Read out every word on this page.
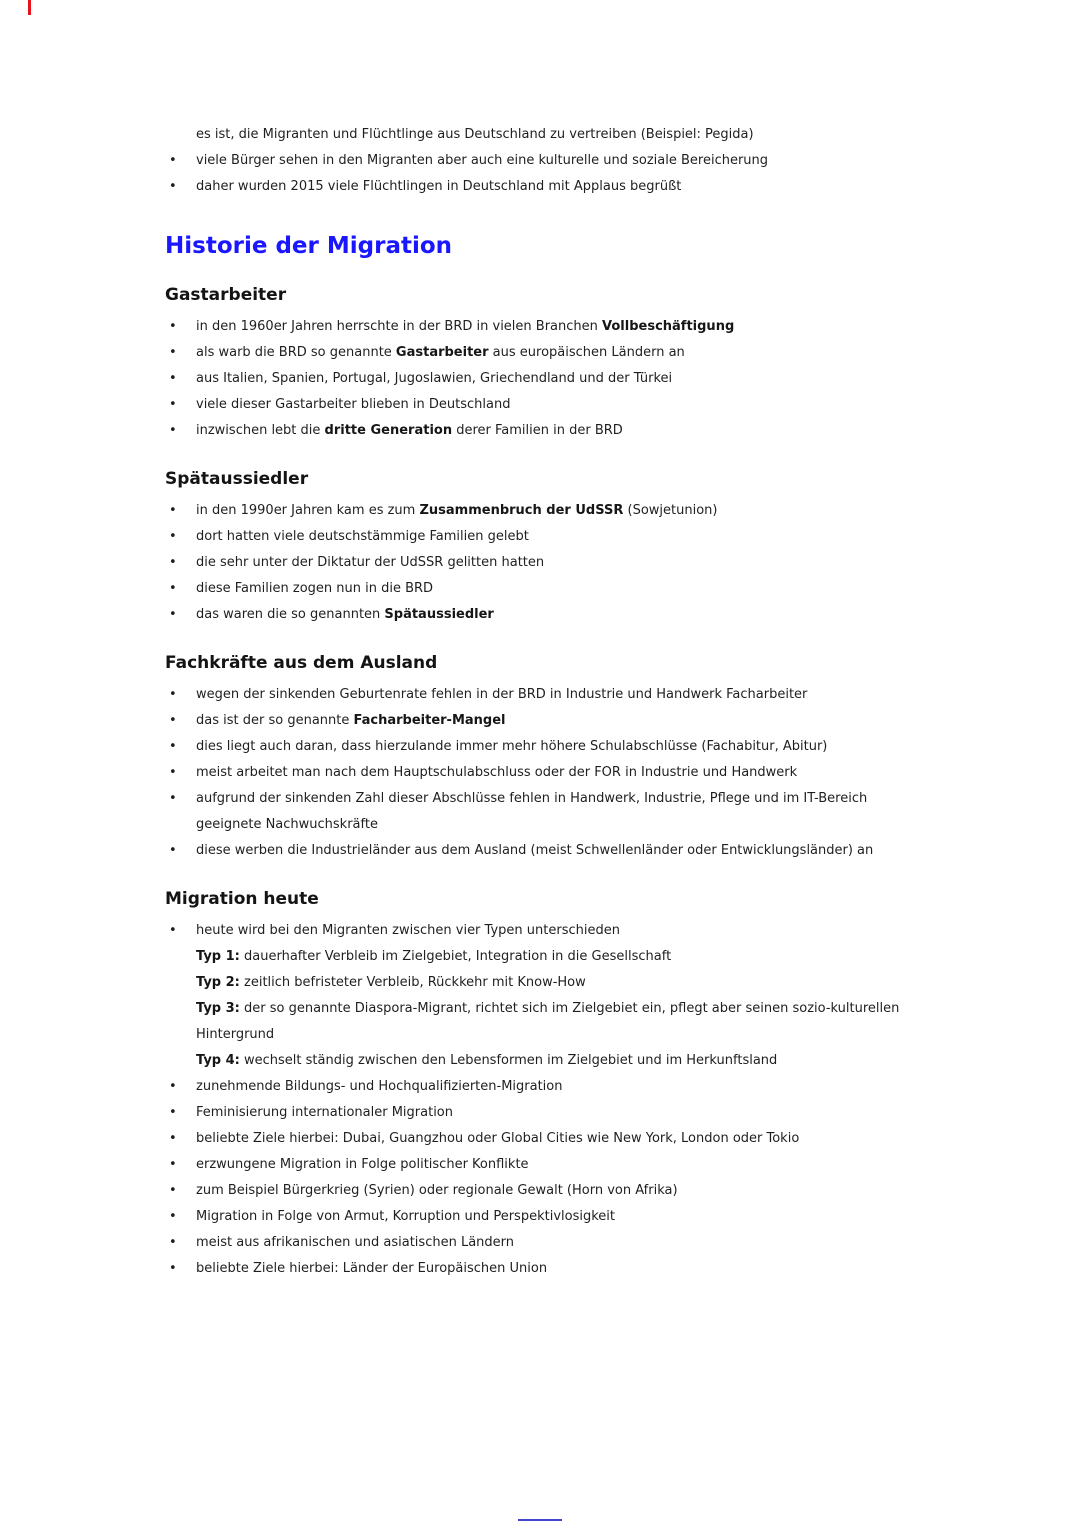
es ist, die Migranten und Flüchtlinge aus Deutschland zu vertreiben (Beispiel: Pegida)
• viele Bürger sehen in den Migranten aber auch eine kulturelle und soziale Bereicherung
• daher wurden 2015 viele Flüchtlingen in Deutschland mit Applaus begrüßt
Historie der Migration
Gastarbeiter
• in den 1960er Jahren herrschte in der BRD in vielen Branchen Vollbeschäftigung
• als warb die BRD so genannte Gastarbeiter aus europäischen Ländern an
• aus Italien, Spanien, Portugal, Jugoslawien, Griechendland und der Türkei
• viele dieser Gastarbeiter blieben in Deutschland
• inzwischen lebt die dritte Generation derer Familien in der BRD
Spätaussiedler
• in den 1990er Jahren kam es zum Zusammenbruch der UdSSR (Sowjetunion)
• dort hatten viele deutschstämmige Familien gelebt
• die sehr unter der Diktatur der UdSSR gelitten hatten
• diese Familien zogen nun in die BRD
• das waren die so genannten Spätaussiedler
Fachkräfte aus dem Ausland
• wegen der sinkenden Geburtenrate fehlen in der BRD in Industrie und Handwerk Facharbeiter
• das ist der so genannte Facharbeiter-Mangel
• dies liegt auch daran, dass hierzulande immer mehr höhere Schulabschlüsse (Fachabitur, Abitur)
• meist arbeitet man nach dem Hauptschulabschluss oder der FOR in Industrie und Handwerk
• aufgrund der sinkenden Zahl dieser Abschlüsse fehlen in Handwerk, Industrie, Pflege und im IT-Bereich geeignete Nachwuchskräfte
• diese werben die Industrieländer aus dem Ausland (meist Schwellenländer oder Entwicklungsländer) an
Migration heute
• heute wird bei den Migranten zwischen vier Typen unterschieden
Typ 1: dauerhafter Verbleib im Zielgebiet, Integration in die Gesellschaft
Typ 2: zeitlich befristeter Verbleib, Rückkehr mit Know-How
Typ 3: der so genannte Diaspora-Migrant, richtet sich im Zielgebiet ein, pflegt aber seinen sozio-kulturellen Hintergrund
Typ 4: wechselt ständig zwischen den Lebensformen im Zielgebiet und im Herkunftsland
• zunehmende Bildungs- und Hochqualifizierten-Migration
• Feminisierung internationaler Migration
• beliebte Ziele hierbei: Dubai, Guangzhou oder Global Cities wie New York, London oder Tokio
• erzwungene Migration in Folge politischer Konflikte
• zum Beispiel Bürgerkrieg (Syrien) oder regionale Gewalt (Horn von Afrika)
• Migration in Folge von Armut, Korruption und Perspektivlosigkeit
• meist aus afrikanischen und asiatischen Ländern
• beliebte Ziele hierbei: Länder der Europäischen Union
